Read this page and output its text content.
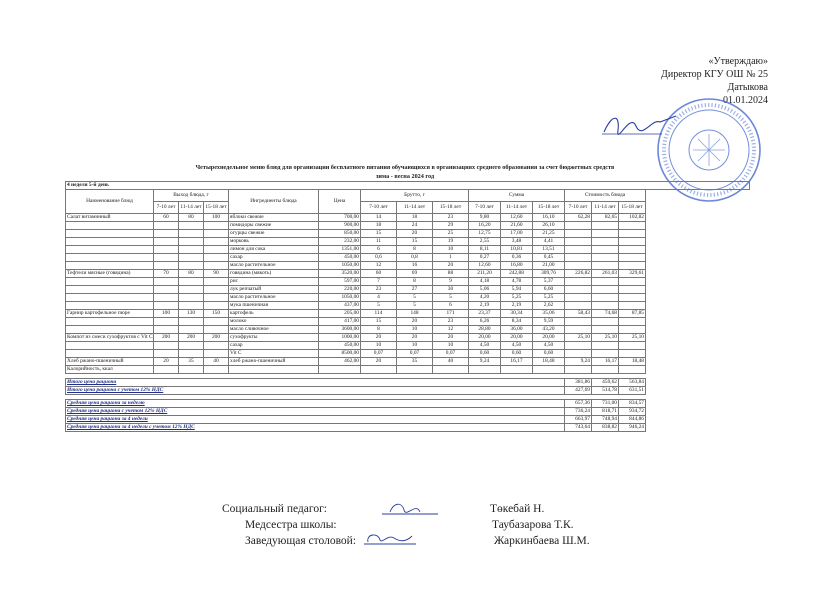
«Утверждаю»
Директор КГУ ОШ № 25
Датыкова
01.01.2024
Четырехнедельное меню блюд для организации бесплатного питания обучающихся в организациях среднего образования за счет бюджетных средств
зима - весна 2024 год
4 неделя 5-й день															
Наименование блюд	Выход блюда, г			Ингредиенты блюда	Цена	Брутто, г			Сумма			Стоимость блюда			
	7-10 лет	11-14 лет	15-18 лет			7-10 лет	11-14 лет	15-18 лет	7-10 лет	11-14 лет	15-18 лет	7-10 лет	11-14 лет	15-18 лет	
Салат витаминный	60	80	100	яблоки свежие	700,00	14	18	23	9,80	12,60	16,10	62,28	82,65	102,82	
				помидоры свежие	900,00	18	24	29	16,20	21,60	26,10				
				огурцы свежие	850,00	15	20	25	12,75	17,00	21,25				
				морковь	232,00	11	15	19	2,55	3,48	4,41				
				лимон для сока	1351,00	6	8	10	8,11	10,81	13,51				
				сахар	450,00	0,6	0,8	1	0,27	0,36	0,45				
				масло растительное	1050,00	12	16	20	12,60	16,80	21,00				
Тефтели мясные (говядина)	70	80	90	говядина (мякоть)	3520,00	60	69	88	211,20	242,88	309,76	226,82	261,03	329,61	
				рис	597,00	7	8	9	4,18	4,78	5,37				
				лук репчатый	220,00	23	27	30	5,06	5,94	6,60				
				масло растительное	1050,00	4	5	5	4,20	5,25	5,25				
				мука пшеничная	437,00	5	5	6	2,19	2,19	2,62				
Гарнир картофельное пюре	100	130	150	картофель	205,00	114	148	171	23,37	30,34	35,06	58,43	74,68	87,85	
				молоко	417,00	15	20	23	6,26	8,34	9,59				
				масло сливочное	3600,00	8	10	12	28,80	36,00	43,20				
Компот из смеси сухофруктов с Vit C	200	200	200	сухофрукты	1000,00	20	20	20	20,00	20,00	20,00	25,10	25,10	25,10	
				сахар	450,00	10	10	10	4,50	4,50	4,50				
				Vit C	8500,00	0,07	0,07	0,07	0,60	0,60	0,60				
Хлеб ржано-пшеничный	20	35	40	хлеб ржано-пшеничный	462,00	20	35	40	9,24	16,17	18,48	9,24	16,17	18,48	
Калорийность, ккал															

Итого цена рациона												381,86	459,62	563,84	
Итого цена рациона с учетом 12% НДС												427,69	514,78	631,51	

Средняя цена рациона за неделю												657,36	731,00	834,57	
Средняя цена рациона с учетом 12% НДС												736,24	818,71	934,72	
Средняя цена рациона за 4 недели												663,97	748,94	844,86	
Средняя цена рациона за 4 недели с учетом 12% НДС												743,64	838,82	946,24	
Социальный педагог:	Төкебай Н.
Медсестра школы:	Таубазарова Т.К.
Заведующая столовой:	Жаркинбаева Ш.М.
